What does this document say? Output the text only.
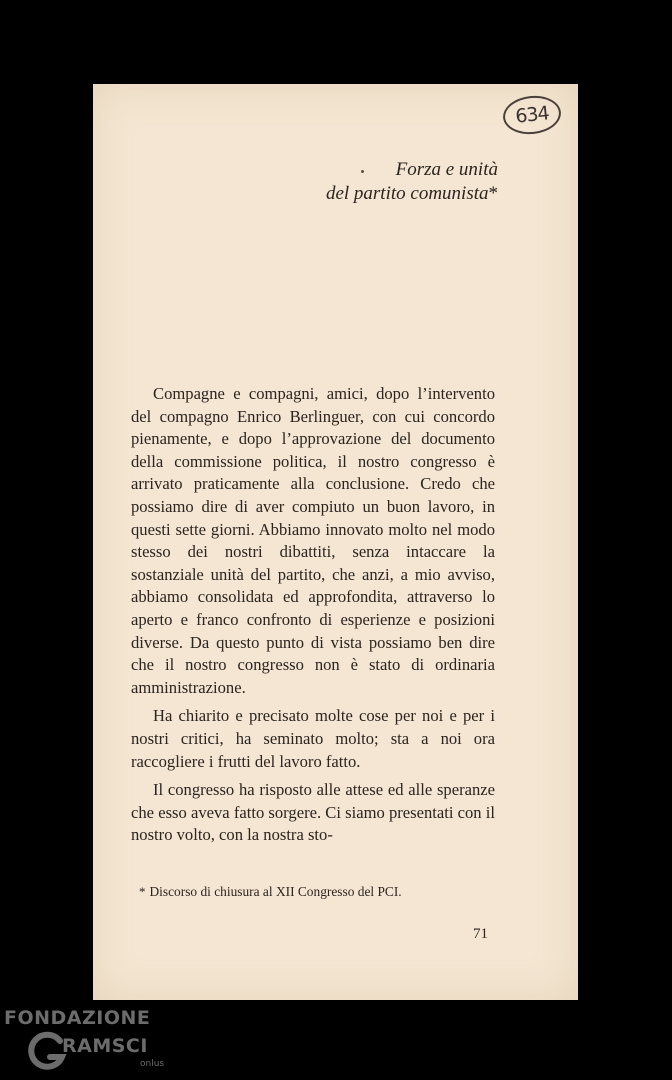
634
Forza e unità
del partito comunista*

Compagne e compagni, amici, dopo l’intervento del compagno Enrico Berlinguer, con cui concordo pienamente, e dopo l’approvazione del documento della commissione politica, il nostro congresso è arrivato praticamente alla conclusione. Credo che possiamo dire di aver compiuto un buon lavoro, in questi sette giorni. Abbiamo innovato molto nel modo stesso dei nostri dibattiti, senza intaccare la sostanziale unità del partito, che anzi, a mio avviso, abbiamo consolidata ed approfondita, attraverso lo aperto e franco confronto di esperienze e posizioni diverse. Da questo punto di vista possiamo ben dire che il nostro congresso non è stato di ordinaria amministrazione.

Ha chiarito e precisato molte cose per noi e per i nostri critici, ha seminato molto; sta a noi ora raccogliere i frutti del lavoro fatto.

Il congresso ha risposto alle attese ed alle speranze che esso aveva fatto sorgere. Ci siamo presentati con il nostro volto, con la nostra sto-

* Discorso di chiusura al XII Congresso del PCI.
71
FONDAZIONE
RAMSCI
onlus
